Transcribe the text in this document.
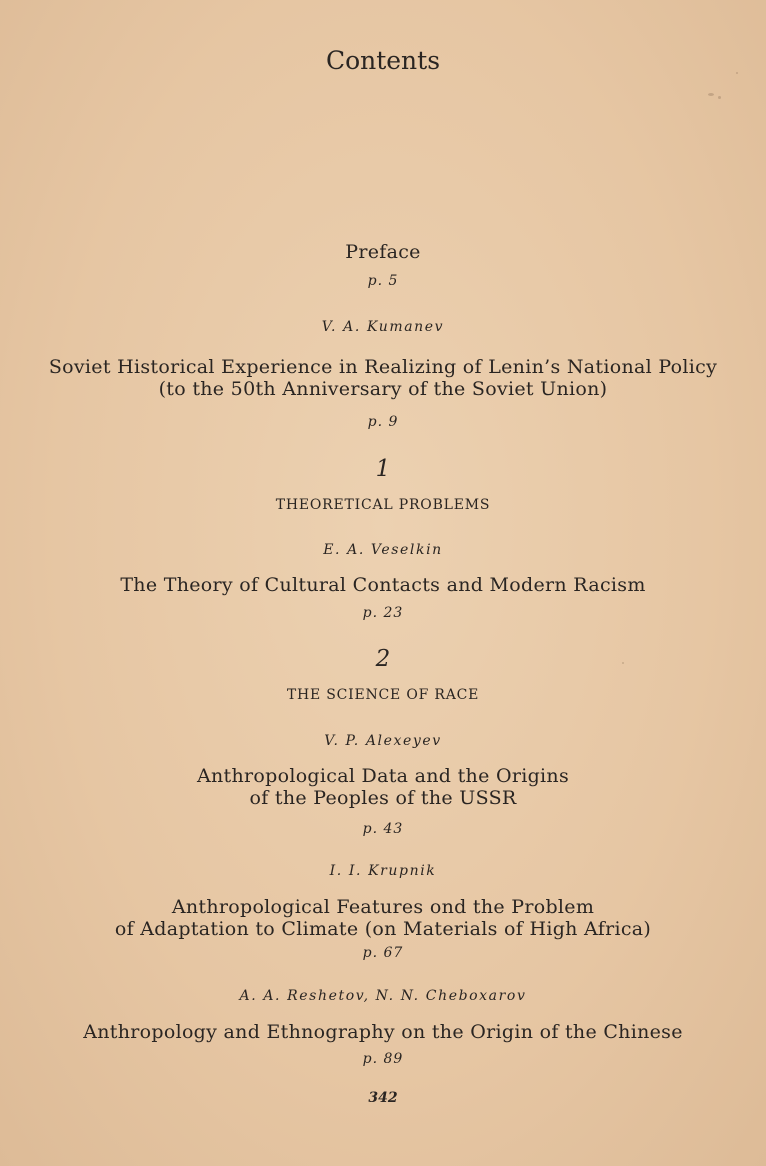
Contents
Preface
p. 5
V. A. Kumanev
Soviet Historical Experience in Realizing of Lenin’s National Policy
(to the 50th Anniversary of the Soviet Union)
p. 9
1
THEORETICAL PROBLEMS
E. A. Veselkin
The Theory of Cultural Contacts and Modern Racism
p. 23
2
THE SCIENCE OF RACE
V. P. Alexeyev
Anthropological Data and the Origins
of the Peoples of the USSR
p. 43
I. I. Krupnik
Anthropological Features ond the Problem
of Adaptation to Climate (on Materials of High Africa)
p. 67
A. A. Reshetov, N. N. Cheboxarov
Anthropology and Ethnography on the Origin of the Chinese
p. 89
342
